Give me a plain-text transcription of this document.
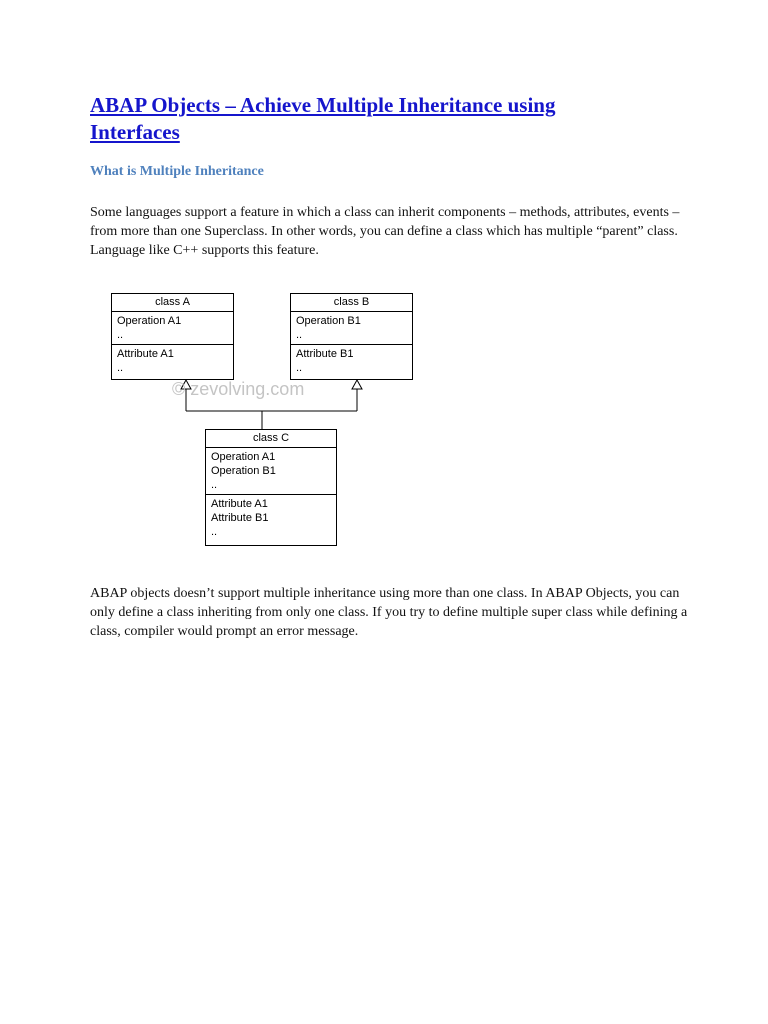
ABAP Objects – Achieve Multiple Inheritance using Interfaces
What is Multiple Inheritance

Some languages support a feature in which a class can inherit components – methods, attributes, events – from more than one Superclass. In other words, you can define a class which has multiple “parent” class. Language like C++ supports this feature.

class A
Operation A1
..
Attribute A1
..
class B
Operation B1
..
Attribute B1
..
© zevolving.com
class C
Operation A1
Operation B1
..
Attribute A1
Attribute B1
..

ABAP objects doesn’t support multiple inheritance using more than one class. In ABAP Objects, you can only define a class inheriting from only one class. If you try to define multiple super class while defining a class, compiler would prompt an error message.
